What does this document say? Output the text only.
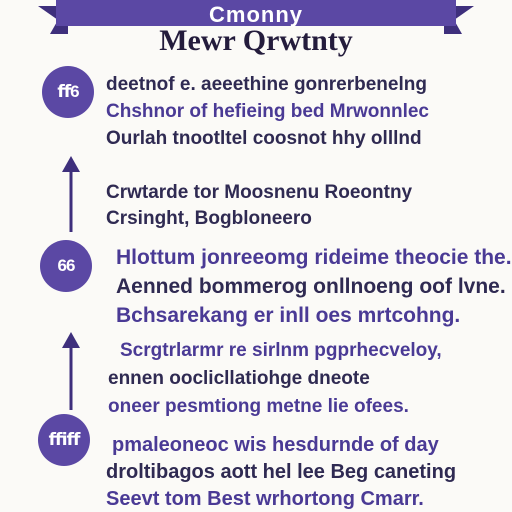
Cmonny
Mewr Qrwtnty
ﬀ6 deetnof e. aeeethine gonrerbenelng
Chshnor of hefieing bed Mrwonnlec
Ourlah tnootltel coosnot hhy olllnd
Crwtarde tor Moosnenu Roeontny
Crsinght, Bogbloneero
66 Hlottum jonreeomg rideime theocie the.
Aenned bommerog onllnoeng oof lvne.
Bchsarekang er inll oes mrtcohng.
Scrgtrlarmr re sirlnm pgprhecveloy,
ennen ooclicllatiohge dneote
oneer pesmtiong metne lie ofees.
ﬃﬀ pmaleoneoc wis hesdurnde of day
droltibagos aott hel lee Beg caneting
Seevt tom Best wrhortong Cmarr.
